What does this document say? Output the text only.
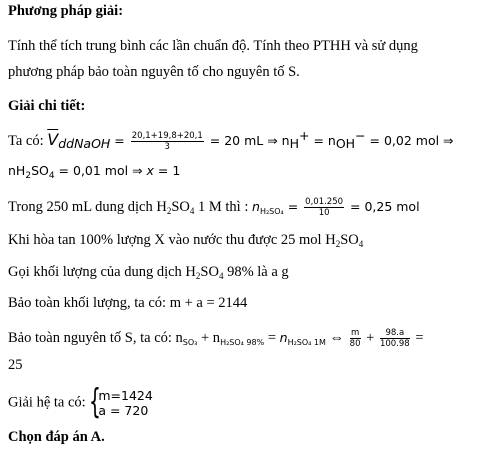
Phương pháp giải:
Tính thể tích trung bình các lần chuẩn độ. Tính theo PTHH và sử dụng
phương pháp bảo toàn nguyên tố cho nguyên tố S.
Giải chi tiết:
Ta có: $\overline{V}_{ddNaOH} = \frac{20,1+19,8+20,1}{3} = 20$ mL ⇒ $n_H^+ = n_{OH}^- = 0,02$ mol ⇒
$nH_2SO_4 = 0,01$ mol ⇒ x = 1
Trong 250 mL dung dịch $H_2SO_4$ 1 M thì : $n_{H_2SO_4} = \frac{0,01.250}{10} = 0,25$ mol
Khi hòa tan 100% lượng X vào nước thu được 25 mol $H_2SO_4$
Gọi khối lượng của dung dịch $H_2SO_4$ 98% là a g
Bảo toàn khối lượng, ta có: m + a = 2144
Bảo toàn nguyên tố S, ta có: $n_{SO_3} + n_{H_2SO_4 98\%} = n_{H_2SO_4 1M}$ ⇔ $\frac{m}{80} + \frac{98.a}{100.98}$ =
25
Giải hệ ta có: {
m=1424
a = 720
Chọn đáp án A.
